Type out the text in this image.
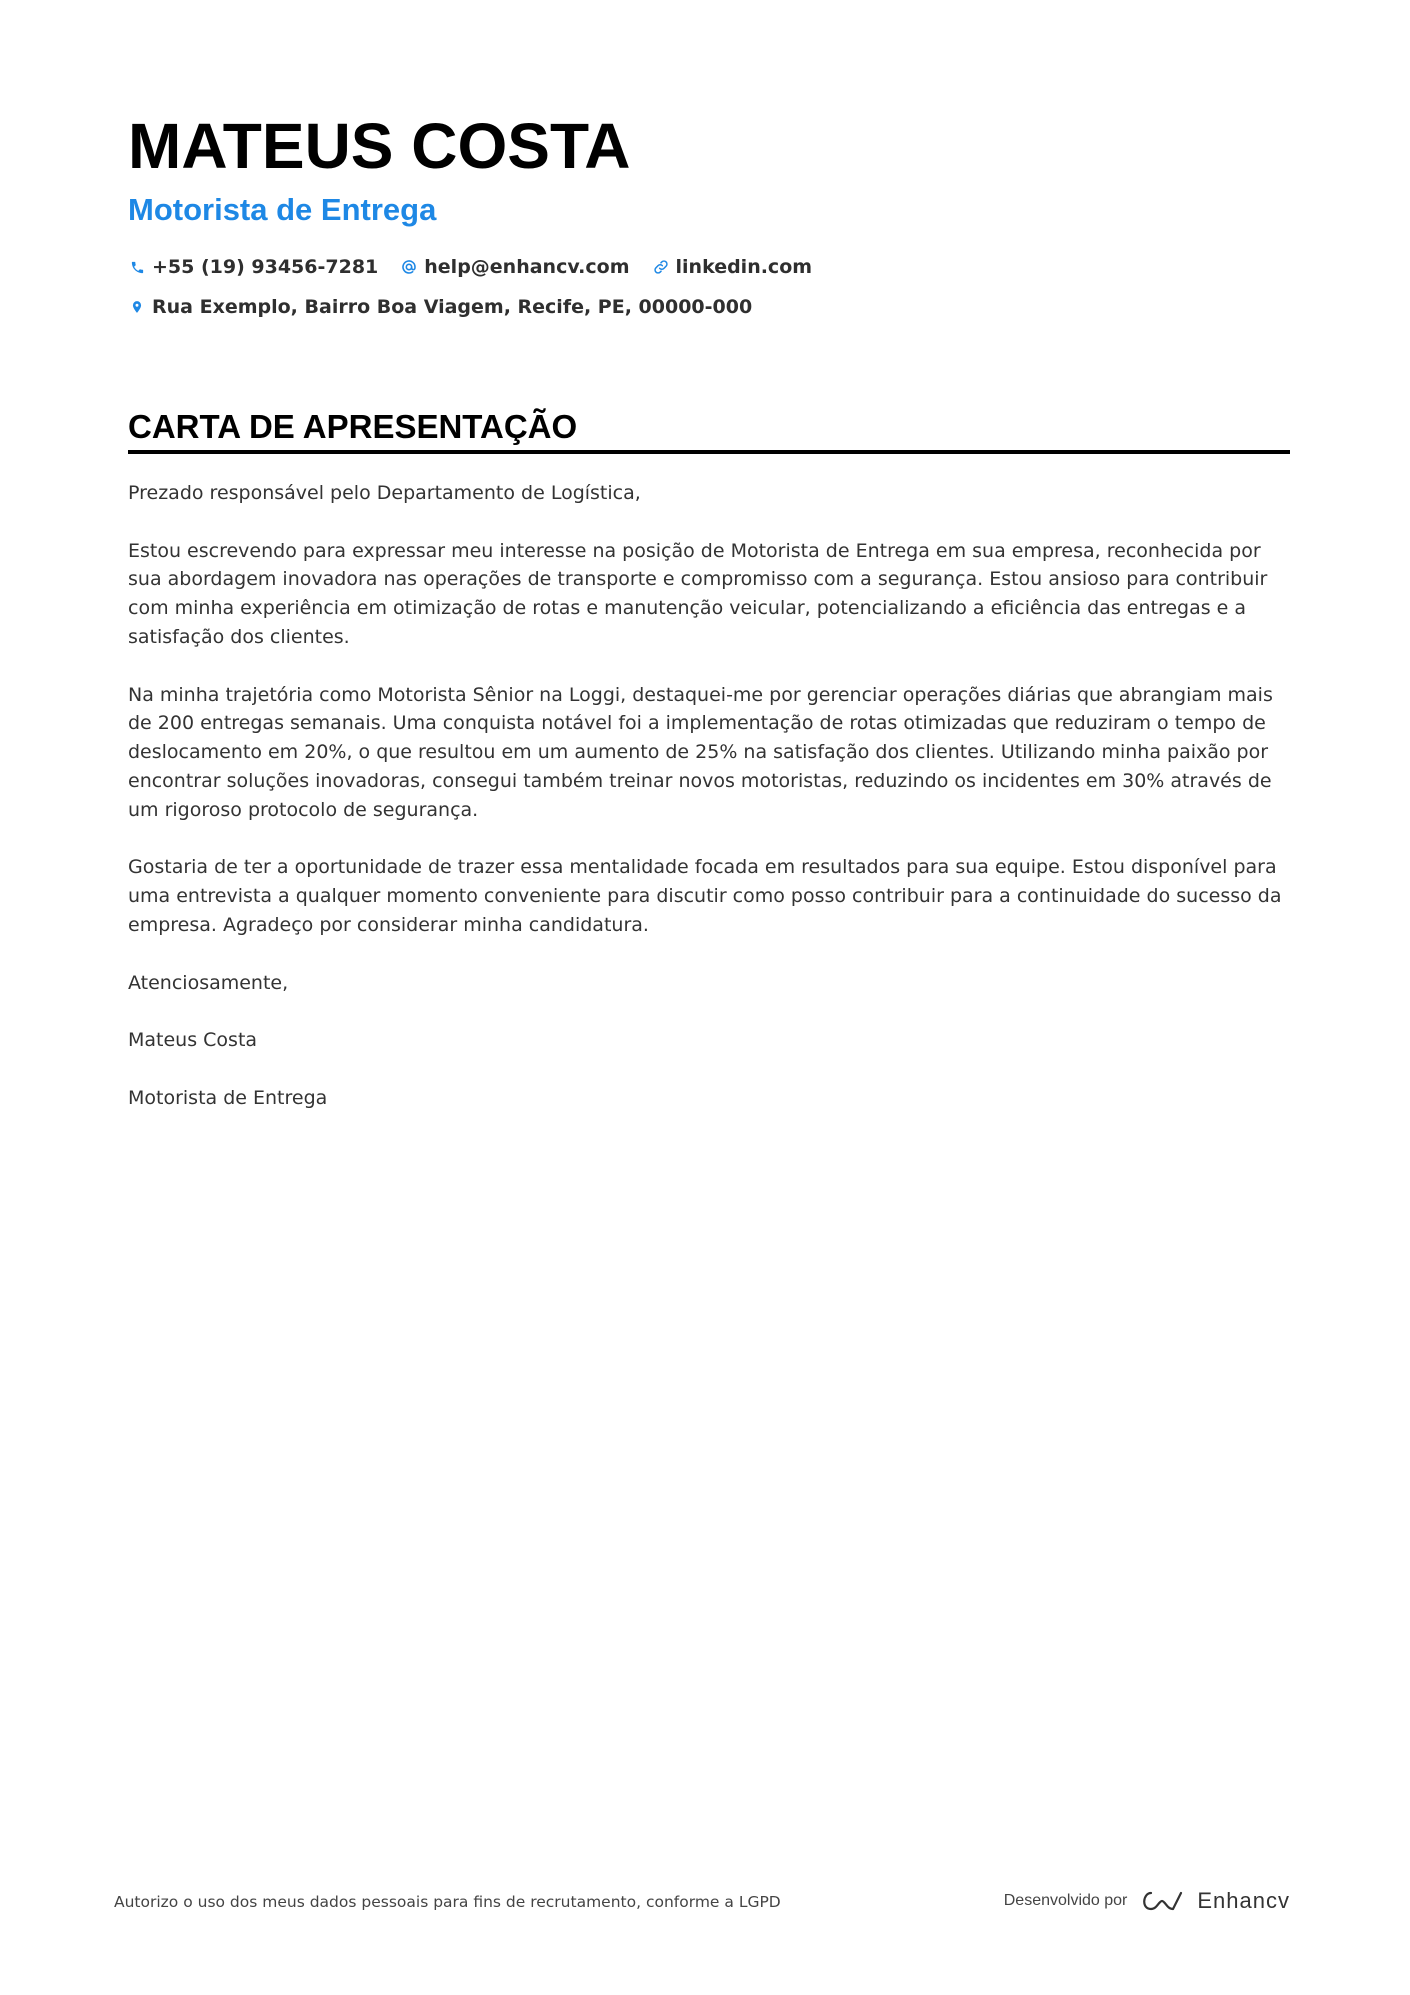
MATEUS COSTA
Motorista de Entrega
+55 (19) 93456-7281 help@enhancv.com linkedin.com
Rua Exemplo, Bairro Boa Viagem, Recife, PE, 00000-000
CARTA DE APRESENTAÇÃO

Prezado responsável pelo Departamento de Logística,

Estou escrevendo para expressar meu interesse na posição de Motorista de Entrega em sua empresa, reconhecida por sua abordagem inovadora nas operações de transporte e compromisso com a segurança. Estou ansioso para contribuir com minha experiência em otimização de rotas e manutenção veicular, potencializando a eficiência das entregas e a satisfação dos clientes.

Na minha trajetória como Motorista Sênior na Loggi, destaquei-me por gerenciar operações diárias que abrangiam mais de 200 entregas semanais. Uma conquista notável foi a implementação de rotas otimizadas que reduziram o tempo de deslocamento em 20%, o que resultou em um aumento de 25% na satisfação dos clientes. Utilizando minha paixão por encontrar soluções inovadoras, consegui também treinar novos motoristas, reduzindo os incidentes em 30% através de um rigoroso protocolo de segurança.

Gostaria de ter a oportunidade de trazer essa mentalidade focada em resultados para sua equipe. Estou disponível para uma entrevista a qualquer momento conveniente para discutir como posso contribuir para a continuidade do sucesso da empresa. Agradeço por considerar minha candidatura.

Atenciosamente,

Mateus Costa

Motorista de Entrega

Autorizo o uso dos meus dados pessoais para fins de recrutamento, conforme a LGPD	Desenvolvido por	Enhancv
